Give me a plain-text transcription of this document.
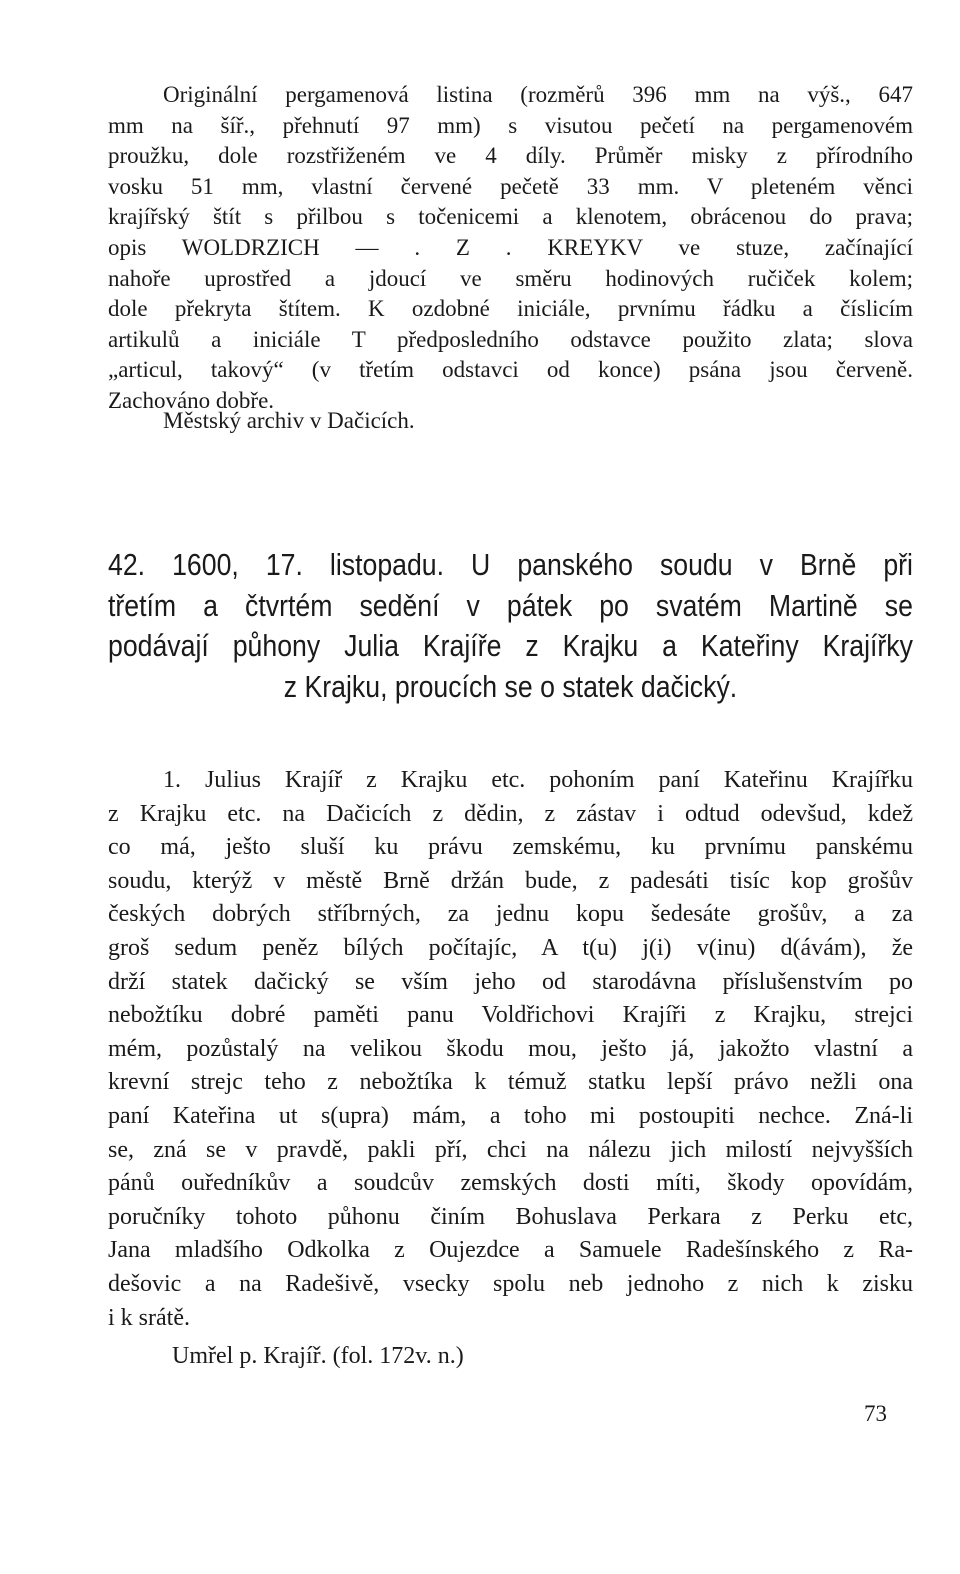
Originální pergamenová listina (rozměrů 396 mm na výš., 647
mm na šíř., přehnutí 97 mm) s visutou pečetí na pergamenovém
proužku, dole rozstřiženém ve 4 díly. Průměr misky z přírodního
vosku 51 mm, vlastní červené pečetě 33 mm. V pleteném věnci
krajířský štít s přilbou s točenicemi a klenotem, obrácenou do prava;
opis WOLDRZICH — . Z . KREYKV ve stuze, začínající
nahoře uprostřed a jdoucí ve směru hodinových ručiček kolem;
dole překryta štítem. K ozdobné iniciále, prvnímu řádku a číslicím
artikulů a iniciále T předposledního odstavce použito zlata; slova
„articul, takový“ (v třetím odstavci od konce) psána jsou červeně.
Zachováno dobře.
Městský archiv v Dačicích.
42. 1600, 17. listopadu. U panského soudu v Brně při
třetím a čtvrtém sedění v pátek po svatém Martině se
podávají půhony Julia Krajíře z Krajku a Kateřiny Krajířky
z Krajku, proucích se o statek dačický.
1. Julius Krajíř z Krajku etc. pohoním paní Kateřinu Krajířku
z Krajku etc. na Dačicích z dědin, z zástav i odtud odevšud, kdež
co má, ješto sluší ku právu zemskému, ku prvnímu panskému
soudu, kterýž v městě Brně držán bude, z padesáti tisíc kop grošův
českých dobrých stříbrných, za jednu kopu šedesáte grošův, a za
groš sedum peněz bílých počítajíc, A t(u) j(i) v(inu) d(ávám), že
drží statek dačický se vším jeho od starodávna příslušenstvím po
nebožtíku dobré paměti panu Voldřichovi Krajíři z Krajku, strejci
mém, pozůstalý na velikou škodu mou, ješto já, jakožto vlastní a
krevní strejc teho z nebožtíka k témuž statku lepší právo nežli ona
paní Kateřina ut s(upra) mám, a toho mi postoupiti nechce. Zná-li
se, zná se v pravdě, pakli pří, chci na nálezu jich milostí nejvyšších
pánů ouředníkův a soudcův zemských dosti míti, škody opovídám,
poručníky tohoto půhonu činím Bohuslava Perkara z Perku etc,
Jana mladšího Odkolka z Oujezdce a Samuele Radešínského z Ra-
dešovic a na Radešivě, vsecky spolu neb jednoho z nich k zisku
i k srátě.
Umřel p. Krajíř. (fol. 172v. n.)
73
